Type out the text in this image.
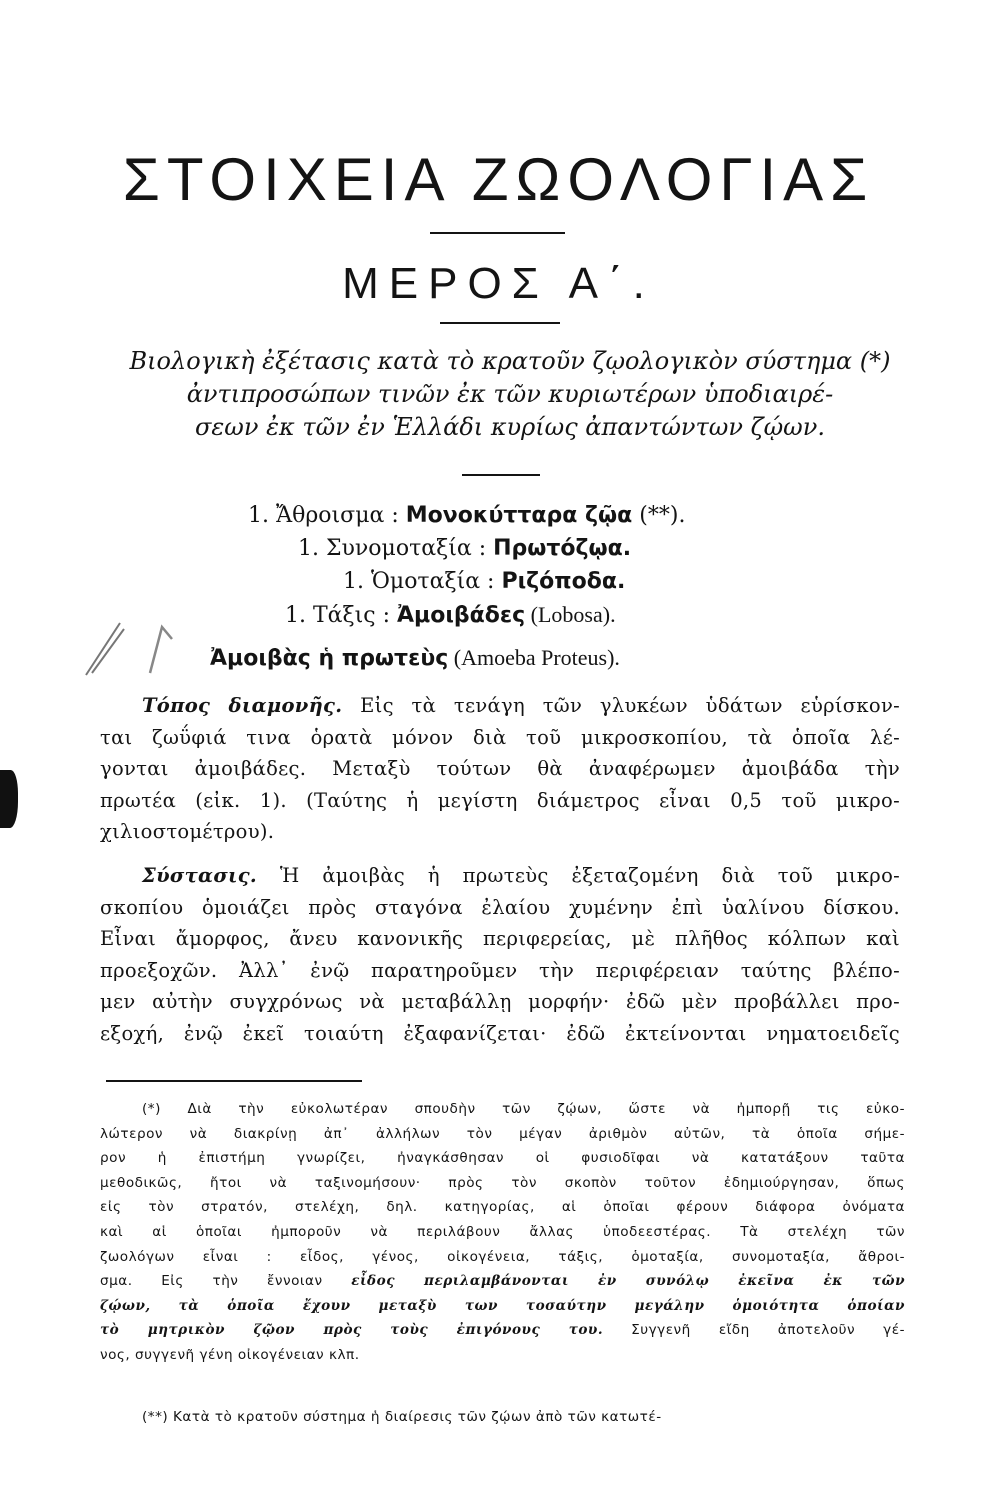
ΣΤΟΙΧΕΙΑ ΖΩΟΛΟΓΙΑΣ
ΜΕΡΟΣ Α΄.
Βιολογικὴ ἐξέτασις κατὰ τὸ κρατοῦν ζῳολογικὸν σύστημα (*)
ἀντιπροσώπων τινῶν ἐκ τῶν κυριωτέρων ὑποδιαιρέ-
σεων ἐκ τῶν ἐν Ἑλλάδι κυρίως ἀπαντώντων ζῴων.
1. Ἄθροισμα : Μονοκύτταρα ζῷα (**).
1. Συνομοταξία : Πρωτόζῳα.
1. Ὁμοταξία : Ριζόποδα.
1. Τάξις : Ἀμοιβάδες (Lobosa).
Ἀμοιβὰς ἡ πρωτεὺς (Amoeba Proteus).
Τόπος διαμονῆς. Εἰς τὰ τενάγη τῶν γλυκέων ὑδάτων εὑρίσκον-
ται ζωΰφιά τινα ὁρατὰ μόνον διὰ τοῦ μικροσκοπίου, τὰ ὁποῖα λέ-
γονται ἀμοιβάδες. Μεταξὺ τούτων θὰ ἀναφέρωμεν ἀμοιβάδα τὴν
πρωτέα (εἰκ. 1). (Ταύτης ἡ μεγίστη διάμετρος εἶναι 0,5 τοῦ μικρο-
χιλιοστομέτρου).
Σύστασις. Ἡ ἀμοιβὰς ἡ πρωτεὺς ἐξεταζομένη διὰ τοῦ μικρο-
σκοπίου ὁμοιάζει πρὸς σταγόνα ἐλαίου χυμένην ἐπὶ ὑαλίνου δίσκου.
Εἶναι ἄμορφος, ἄνευ κανονικῆς περιφερείας, μὲ πλῆθος κόλπων καὶ
προεξοχῶν. Ἀλλ᾽ ἐνῷ παρατηροῦμεν τὴν περιφέρειαν ταύτης βλέπο-
μεν αὐτὴν συγχρόνως νὰ μεταβάλλῃ μορφήν· ἐδῶ μὲν προβάλλει προ-
εξοχή, ἐνῷ ἐκεῖ τοιαύτη ἐξαφανίζεται· ἐδῶ ἐκτείνονται νηματοειδεῖς
(*) Διὰ τὴν εὐκολωτέραν σπουδὴν τῶν ζῴων, ὥστε νὰ ἠμπορῇ τις εὐκο-
λώτερον νὰ διακρίνῃ ἀπ᾽ ἀλλήλων τὸν μέγαν ἀριθμὸν αὐτῶν, τὰ ὁποῖα σήμε-
ρον ἡ ἐπιστήμη γνωρίζει, ἠναγκάσθησαν οἱ φυσιοδῖφαι νὰ κατατάξουν ταῦτα
μεθοδικῶς, ἤτοι νὰ ταξινομήσουν· πρὸς τὸν σκοπὸν τοῦτον ἐδημιούργησαν, ὅπως
εἰς τὸν στρατόν, στελέχη, δηλ. κατηγορίας, αἱ ὁποῖαι φέρουν διάφορα ὀνόματα
καὶ αἱ ὁποῖαι ἠμποροῦν νὰ περιλάβουν ἄλλας ὑποδεεστέρας. Τὰ στελέχη τῶν
ζωολόγων εἶναι : εἶδος, γένος, οἰκογένεια, τάξις, ὁμοταξία, συνομοταξία, ἄθροι-
σμα. Εἰς τὴν ἔννοιαν εἶδος περιλαμβάνονται ἐν συνόλῳ ἐκεῖνα ἐκ τῶν
ζῴων, τὰ ὁποῖα ἔχουν μεταξὺ των τοσαύτην μεγάλην ὁμοιότητα ὁποίαν
τὸ μητρικὸν ζῷον πρὸς τοὺς ἐπιγόνους του. Συγγενῆ εἴδη ἀποτελοῦν γέ-
νος, συγγενῆ γένη οἰκογένειαν κλπ.
(**) Κατὰ τὸ κρατοῦν σύστημα ἡ διαίρεσις τῶν ζῴων ἀπὸ τῶν κατωτέ-
